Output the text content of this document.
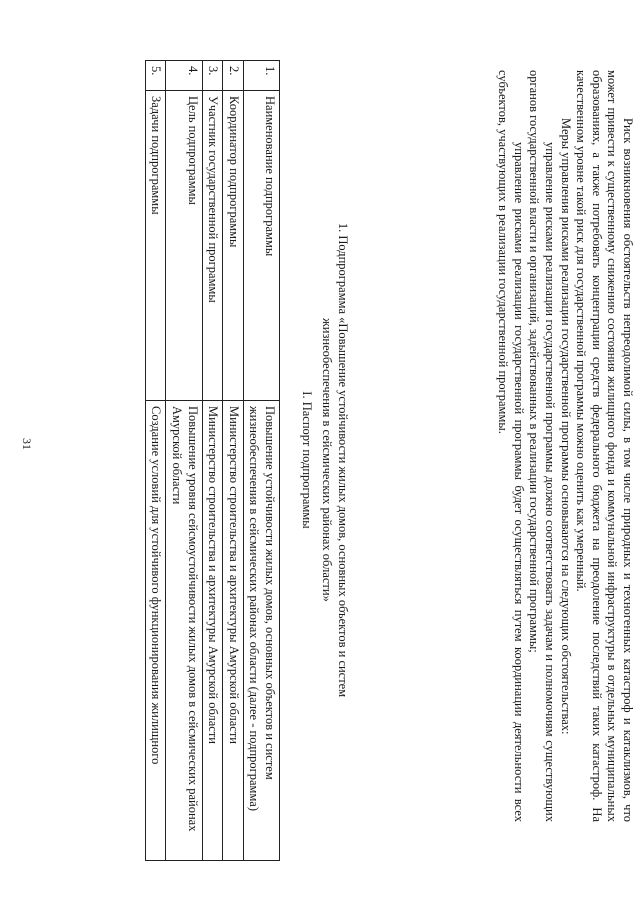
31	Риск возникновения обстоятельств непреодолимой силы, в том числе природных и техногенных катастроф и катаклизмов, что может привести к существенному снижению состояния жилищного фонда и коммунальной инфраструктуры в отдельных муниципальных образованиях, а также потребовать концентрации средств федерального бюджета на преодоление последствий таких катастроф. На качественном уровне такой риск для государственной программы можно оценить как умеренный.

Меры управления рисками реализации государственной программы основываются на следующих обстоятельствах:

управление рисками реализации государственной программы должно соответствовать задачам и полномочиям существующих органов государственной власти и организаций, задействованных в реализации государственной программы;

управление рисками реализации государственной программы будет осуществляться путем координации деятельности всех субъектов, участвующих в реализации государственной программы.

1. Подпрограмма «Повышение устойчивости жилых домов, основных объектов и систем
жизнеобеспечения в сейсмических районах области»
I. Паспорт подпрограммы
1.	Наименование подпрограммы	Повышение устойчивости жилых домов, основных объектов и систем жизнеобеспечения в сейсмических районах области (далее - подпрограмма)
2.	Координатор подпрограммы	Министерство строительства и архитектуры Амурской области
3.	Участник государственной программы	Министерство строительства и архитектуры Амурской области
4.	Цель подпрограммы	Повышение уровня сейсмоустойчивости жилых домов в сейсмических районах Амурской области
5.	Задачи подпрограммы	Создание условий для устойчивого функционирования жилищного
